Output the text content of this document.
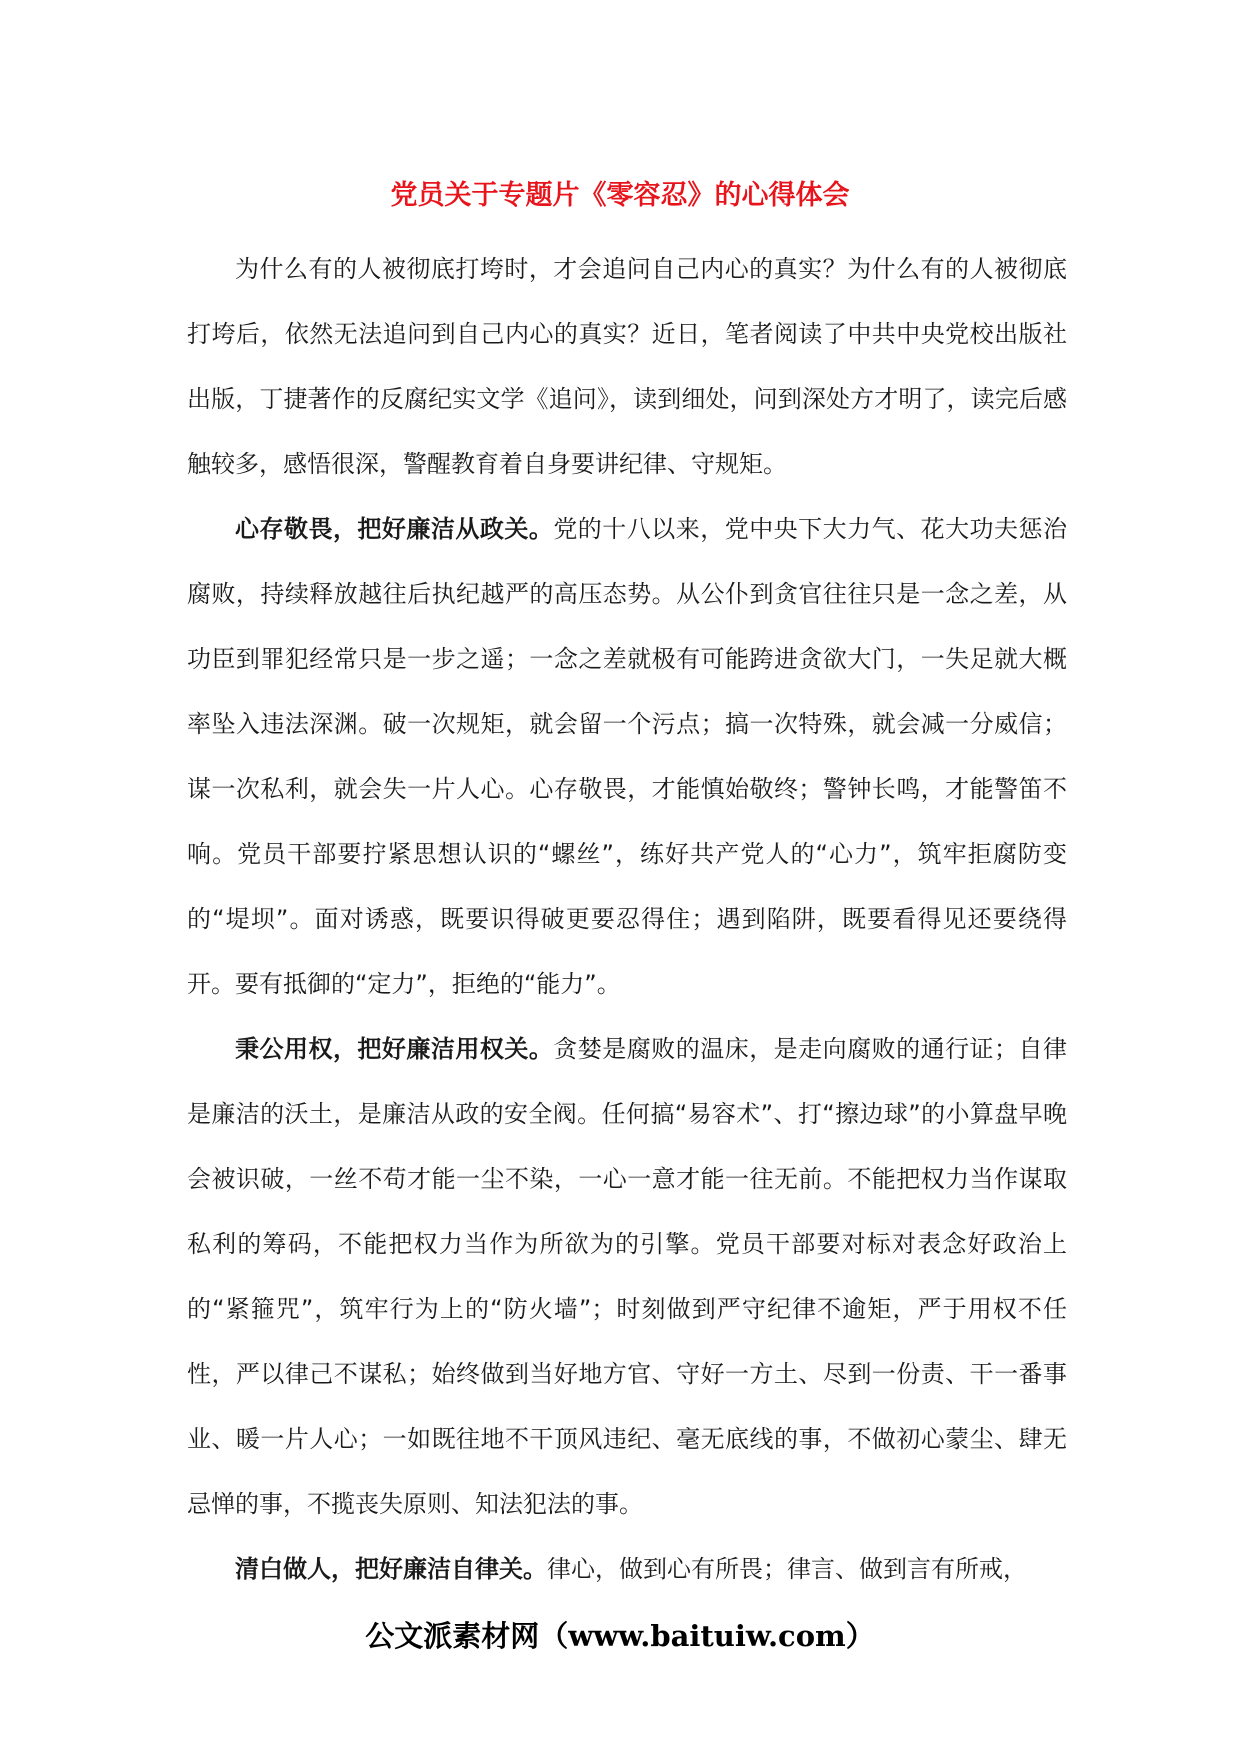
党员关于专题片《零容忍》的心得体会

为什么有的人被彻底打垮时，才会追问自己内心的真实？为什么有的人被彻底打垮后，依然无法追问到自己内心的真实？近日，笔者阅读了中共中央党校出版社出版，丁捷著作的反腐纪实文学《追问》，读到细处，问到深处方才明了，读完后感触较多，感悟很深，警醒教育着自身要讲纪律、守规矩。

心存敬畏，把好廉洁从政关。党的十八以来，党中央下大力气、花大功夫惩治腐败，持续释放越往后执纪越严的高压态势。从公仆到贪官往往只是一念之差，从功臣到罪犯经常只是一步之遥；一念之差就极有可能跨进贪欲大门，一失足就大概率坠入违法深渊。破一次规矩，就会留一个污点；搞一次特殊，就会减一分威信；谋一次私利，就会失一片人心。心存敬畏，才能慎始敬终；警钟长鸣，才能警笛不响。党员干部要拧紧思想认识的“螺丝”，练好共产党人的“心力”，筑牢拒腐防变的“堤坝”。面对诱惑，既要识得破更要忍得住；遇到陷阱，既要看得见还要绕得开。要有抵御的“定力”，拒绝的“能力”。

秉公用权，把好廉洁用权关。贪婪是腐败的温床，是走向腐败的通行证；自律是廉洁的沃土，是廉洁从政的安全阀。任何搞“易容术”、打“擦边球”的小算盘早晚会被识破，一丝不苟才能一尘不染，一心一意才能一往无前。不能把权力当作谋取私利的筹码，不能把权力当作为所欲为的引擎。党员干部要对标对表念好政治上的“紧箍咒”，筑牢行为上的“防火墙”；时刻做到严守纪律不逾矩，严于用权不任性，严以律己不谋私；始终做到当好地方官、守好一方土、尽到一份责、干一番事业、暖一片人心；一如既往地不干顶风违纪、毫无底线的事，不做初心蒙尘、肆无忌惮的事，不揽丧失原则、知法犯法的事。

清白做人，把好廉洁自律关。律心，做到心有所畏；律言、做到言有所戒，

公文派素材网（www.baituiw.com）
